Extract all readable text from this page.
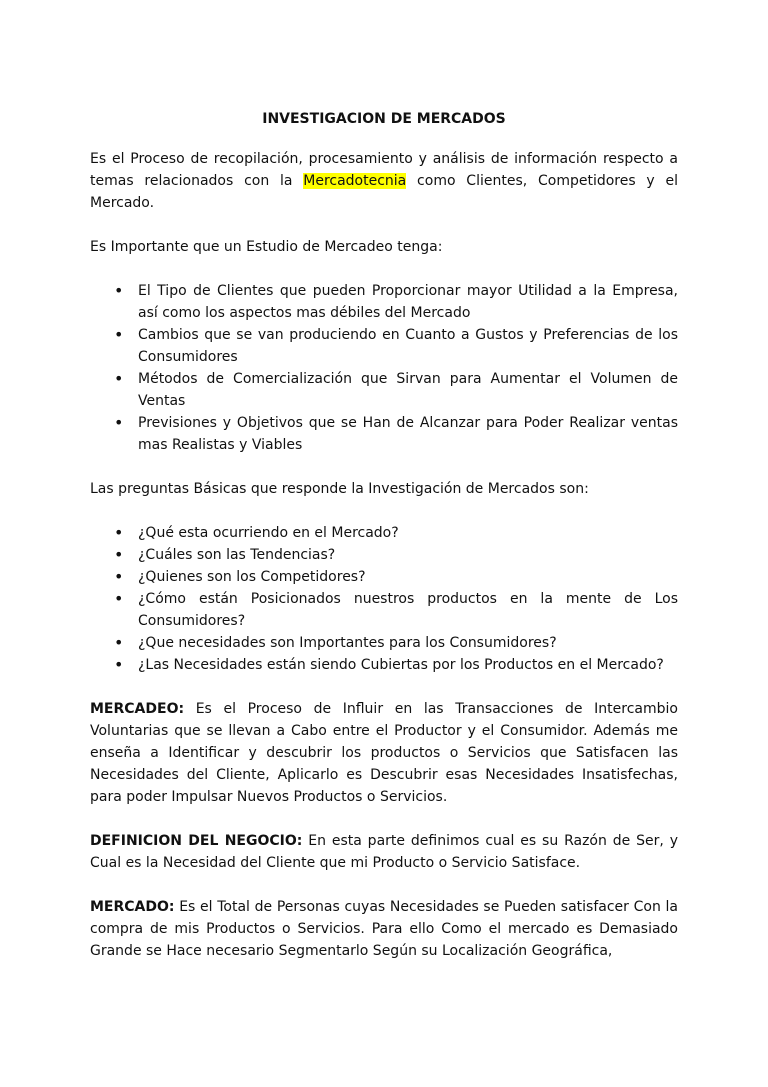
INVESTIGACION DE MERCADOS

Es el Proceso de recopilación, procesamiento y análisis de información respecto a temas relacionados con la Mercadotecnia como Clientes, Competidores y el Mercado.

Es Importante que un Estudio de Mercadeo tenga:

• El Tipo de Clientes que pueden Proporcionar mayor Utilidad a la Empresa, así como los aspectos mas débiles del Mercado
• Cambios que se van produciendo en Cuanto a Gustos y Preferencias de los Consumidores
• Métodos de Comercialización que Sirvan para Aumentar el Volumen de Ventas
• Previsiones y Objetivos que se Han de Alcanzar para Poder Realizar ventas mas Realistas y Viables

Las preguntas Básicas que responde la Investigación de Mercados son:

• ¿Qué esta ocurriendo en el Mercado?
• ¿Cuáles son las Tendencias?
• ¿Quienes son los Competidores?
• ¿Cómo están Posicionados nuestros productos en la mente de Los Consumidores?
• ¿Que necesidades son Importantes para los Consumidores?
• ¿Las Necesidades están siendo Cubiertas por los Productos en el Mercado?

MERCADEO: Es el Proceso de Influir en las Transacciones de Intercambio Voluntarias que se llevan a Cabo entre el Productor y el Consumidor. Además me enseña a Identificar y descubrir los productos o Servicios que Satisfacen las Necesidades del Cliente, Aplicarlo es Descubrir esas Necesidades Insatisfechas, para poder Impulsar Nuevos Productos o Servicios.

DEFINICION DEL NEGOCIO: En esta parte definimos cual es su Razón de Ser, y Cual es la Necesidad del Cliente que mi Producto o Servicio Satisface.

MERCADO: Es el Total de Personas cuyas Necesidades se Pueden satisfacer Con la compra de mis Productos o Servicios. Para ello Como el mercado es Demasiado Grande se Hace necesario Segmentarlo Según su Localización Geográfica,
